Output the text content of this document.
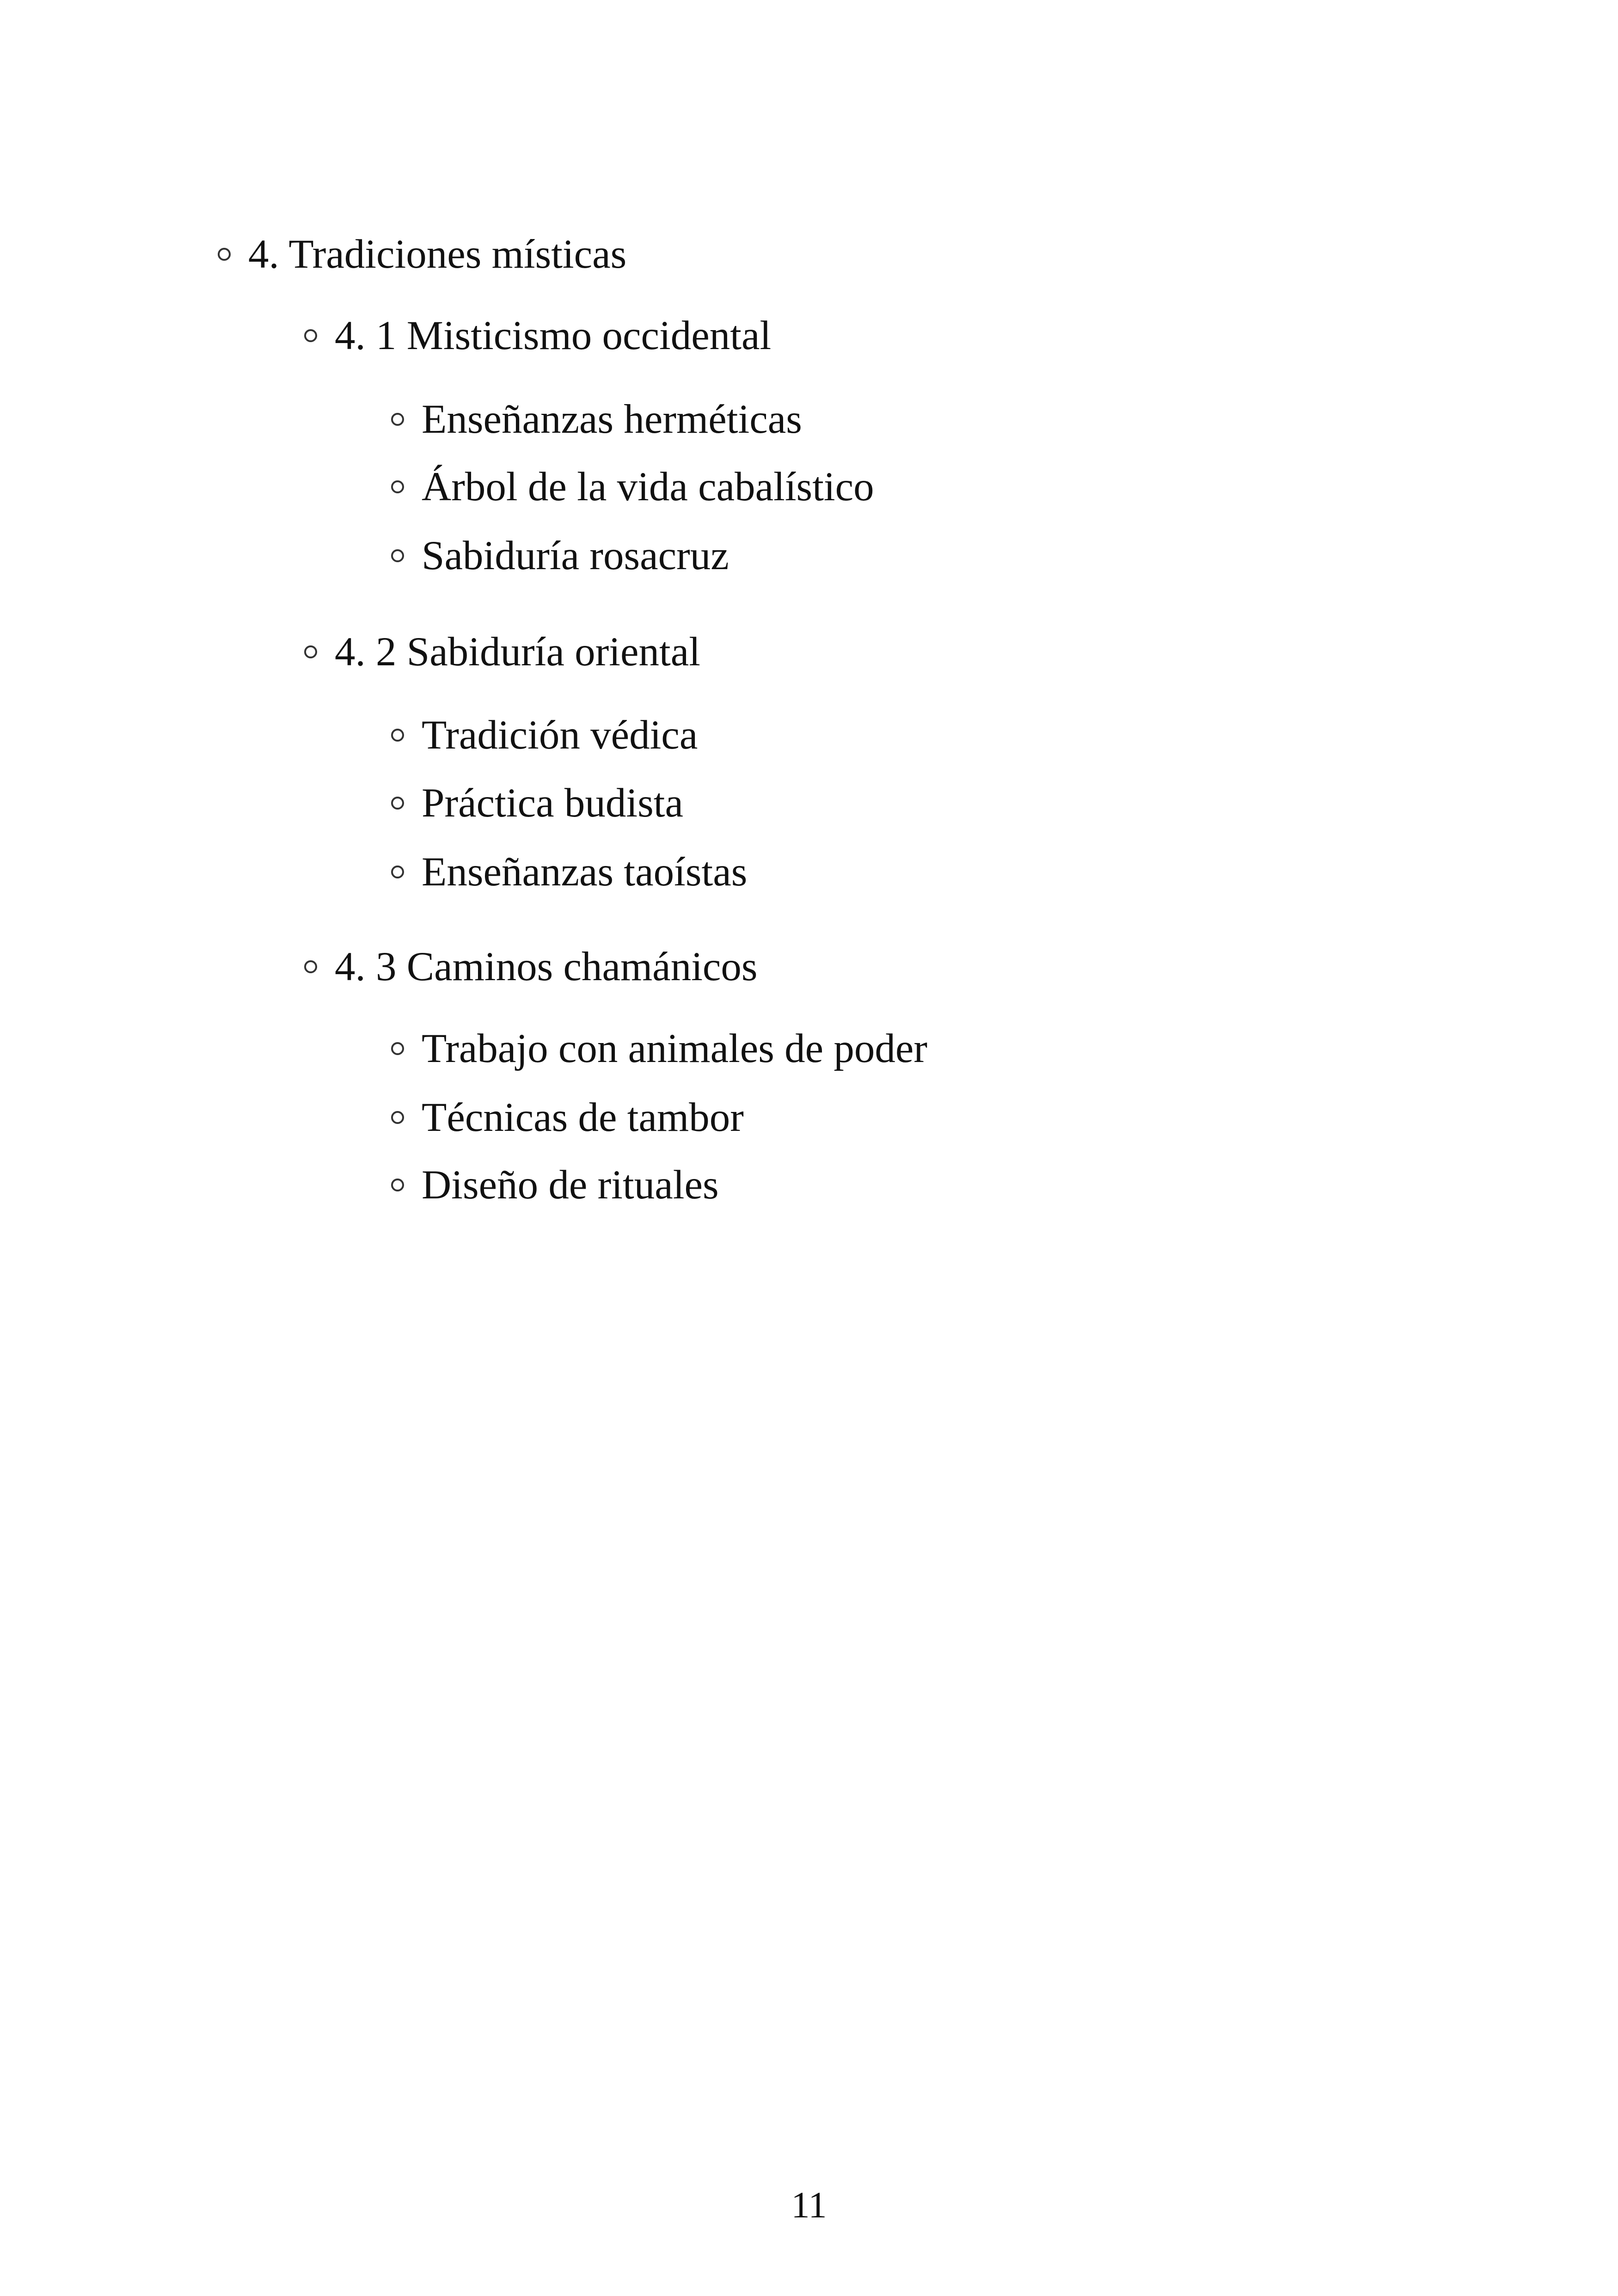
4. Tradiciones místicas
4. 1 Misticismo occidental
Enseñanzas herméticas
Árbol de la vida cabalístico
Sabiduría rosacruz
4. 2 Sabiduría oriental
Tradición védica
Práctica budista
Enseñanzas taoístas
4. 3 Caminos chamánicos
Trabajo con animales de poder
Técnicas de tambor
Diseño de rituales
11
